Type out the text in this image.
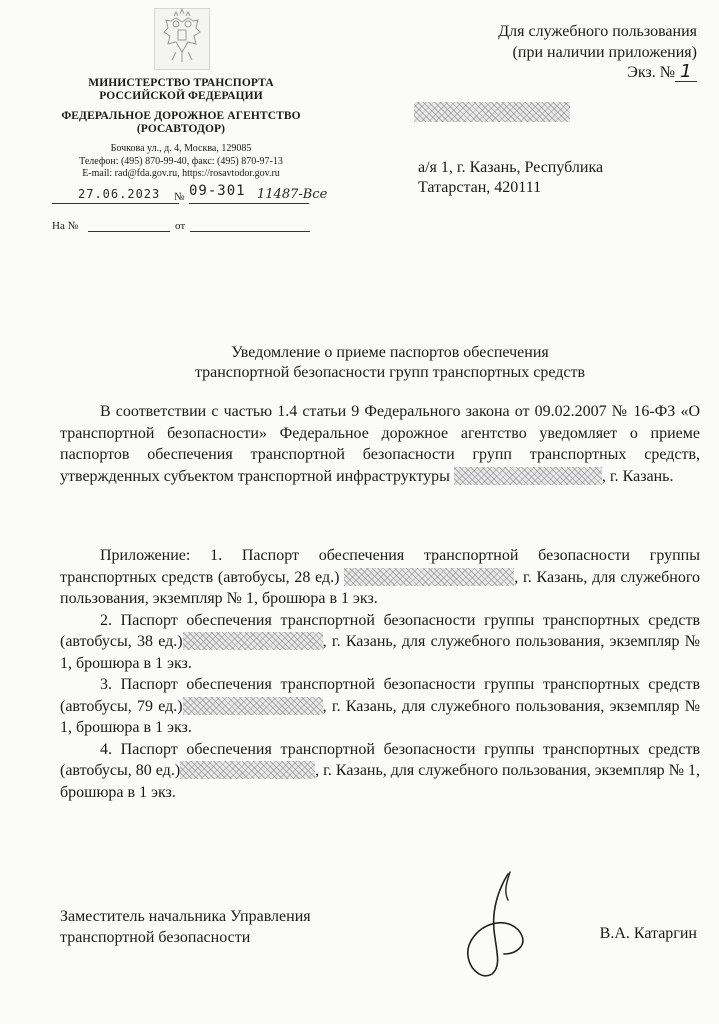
МИНИСТЕРСТВО ТРАНСПОРТА
РОССИЙСКОЙ ФЕДЕРАЦИИ
ФЕДЕРАЛЬНОЕ ДОРОЖНОЕ АГЕНТСТВО
(РОСАВТОДОР)
Бочкова ул., д. 4, Москва, 129085
Телефон: (495) 870-99-40, факс: (495) 870-97-13
E-mail: rad@fda.gov.ru, https://rosavtodor.gov.ru
27.06.2023 № 09-301 11487-Все
На №	от
Для служебного пользования
(при наличии приложения)
Экз. № 1
а/я 1, г. Казань, Республика
Татарстан, 420111
Уведомление о приеме паспортов обеспечения
транспортной безопасности групп транспортных средств

В соответствии с частью 1.4 статьи 9 Федерального закона от 09.02.2007 № 16-ФЗ «О транспортной безопасности» Федеральное дорожное агентство уведомляет о приеме паспортов обеспечения транспортной безопасности групп транспортных средств, утвержденных субъектом транспортной инфраструктуры	, г. Казань.

Приложение: 1. Паспорт обеспечения транспортной безопасности группы транспортных средств (автобусы, 28 ед.)	, г. Казань, для служебного пользования, экземпляр № 1, брошюра в 1 экз.

2. Паспорт обеспечения транспортной безопасности группы транспортных средств (автобусы, 38 ед.)	, г. Казань, для служебного пользования, экземпляр № 1, брошюра в 1 экз.

3. Паспорт обеспечения транспортной безопасности группы транспортных средств (автобусы, 79 ед.)	, г. Казань, для служебного пользования, экземпляр № 1, брошюра в 1 экз.

4. Паспорт обеспечения транспортной безопасности группы транспортных средств (автобусы, 80 ед.)	, г. Казань, для служебного пользования, экземпляр № 1, брошюра в 1 экз.

Заместитель начальника Управления
транспортной безопасности	В.А. Катаргин
